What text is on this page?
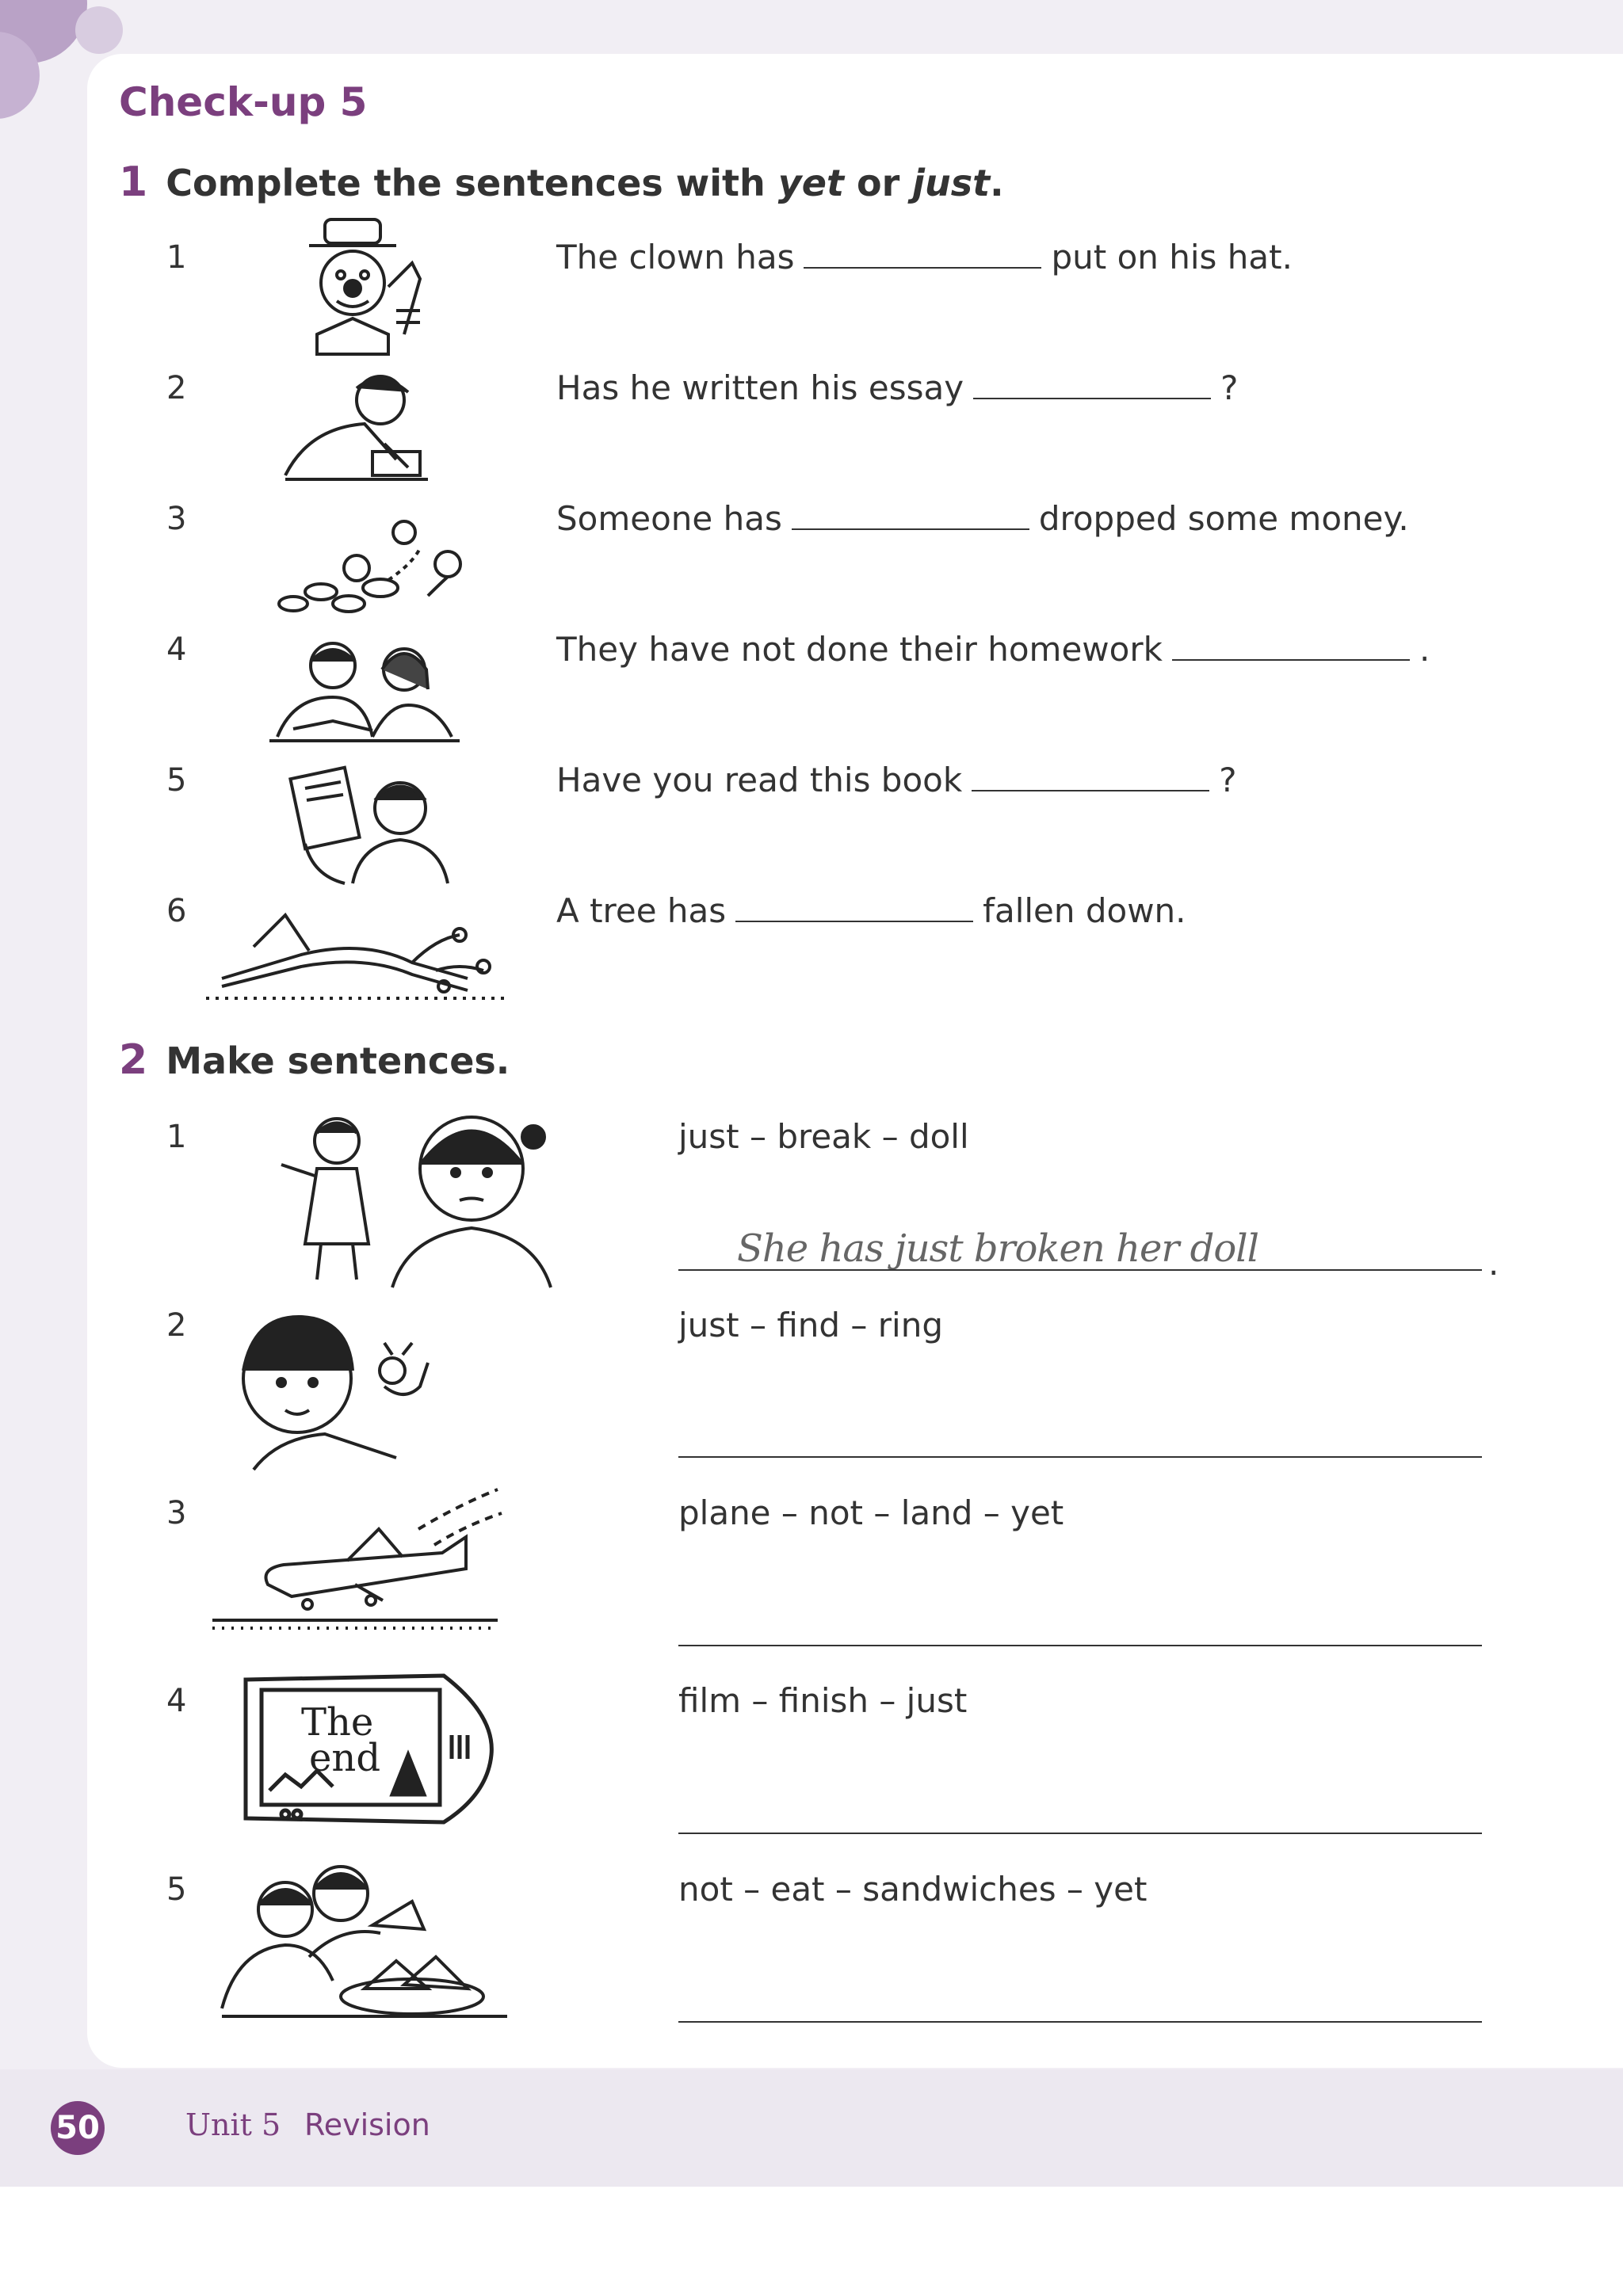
Check-up 5
1 Complete the sentences with yet or just.
1	The clown has	put on his hat.
2	Has he written his essay	?
3	Someone has	dropped some money.
4	They have not done their homework	.
5	Have you read this book	?
6	A tree has	fallen down.
2 Make sentences.
1	just – break – doll
She has just broken her doll	.
2	just – find – ring
3	plane – not – land – yet
4	film – finish – just
5	not – eat – sandwiches – yet
The
end
50	Unit 5 Revision
